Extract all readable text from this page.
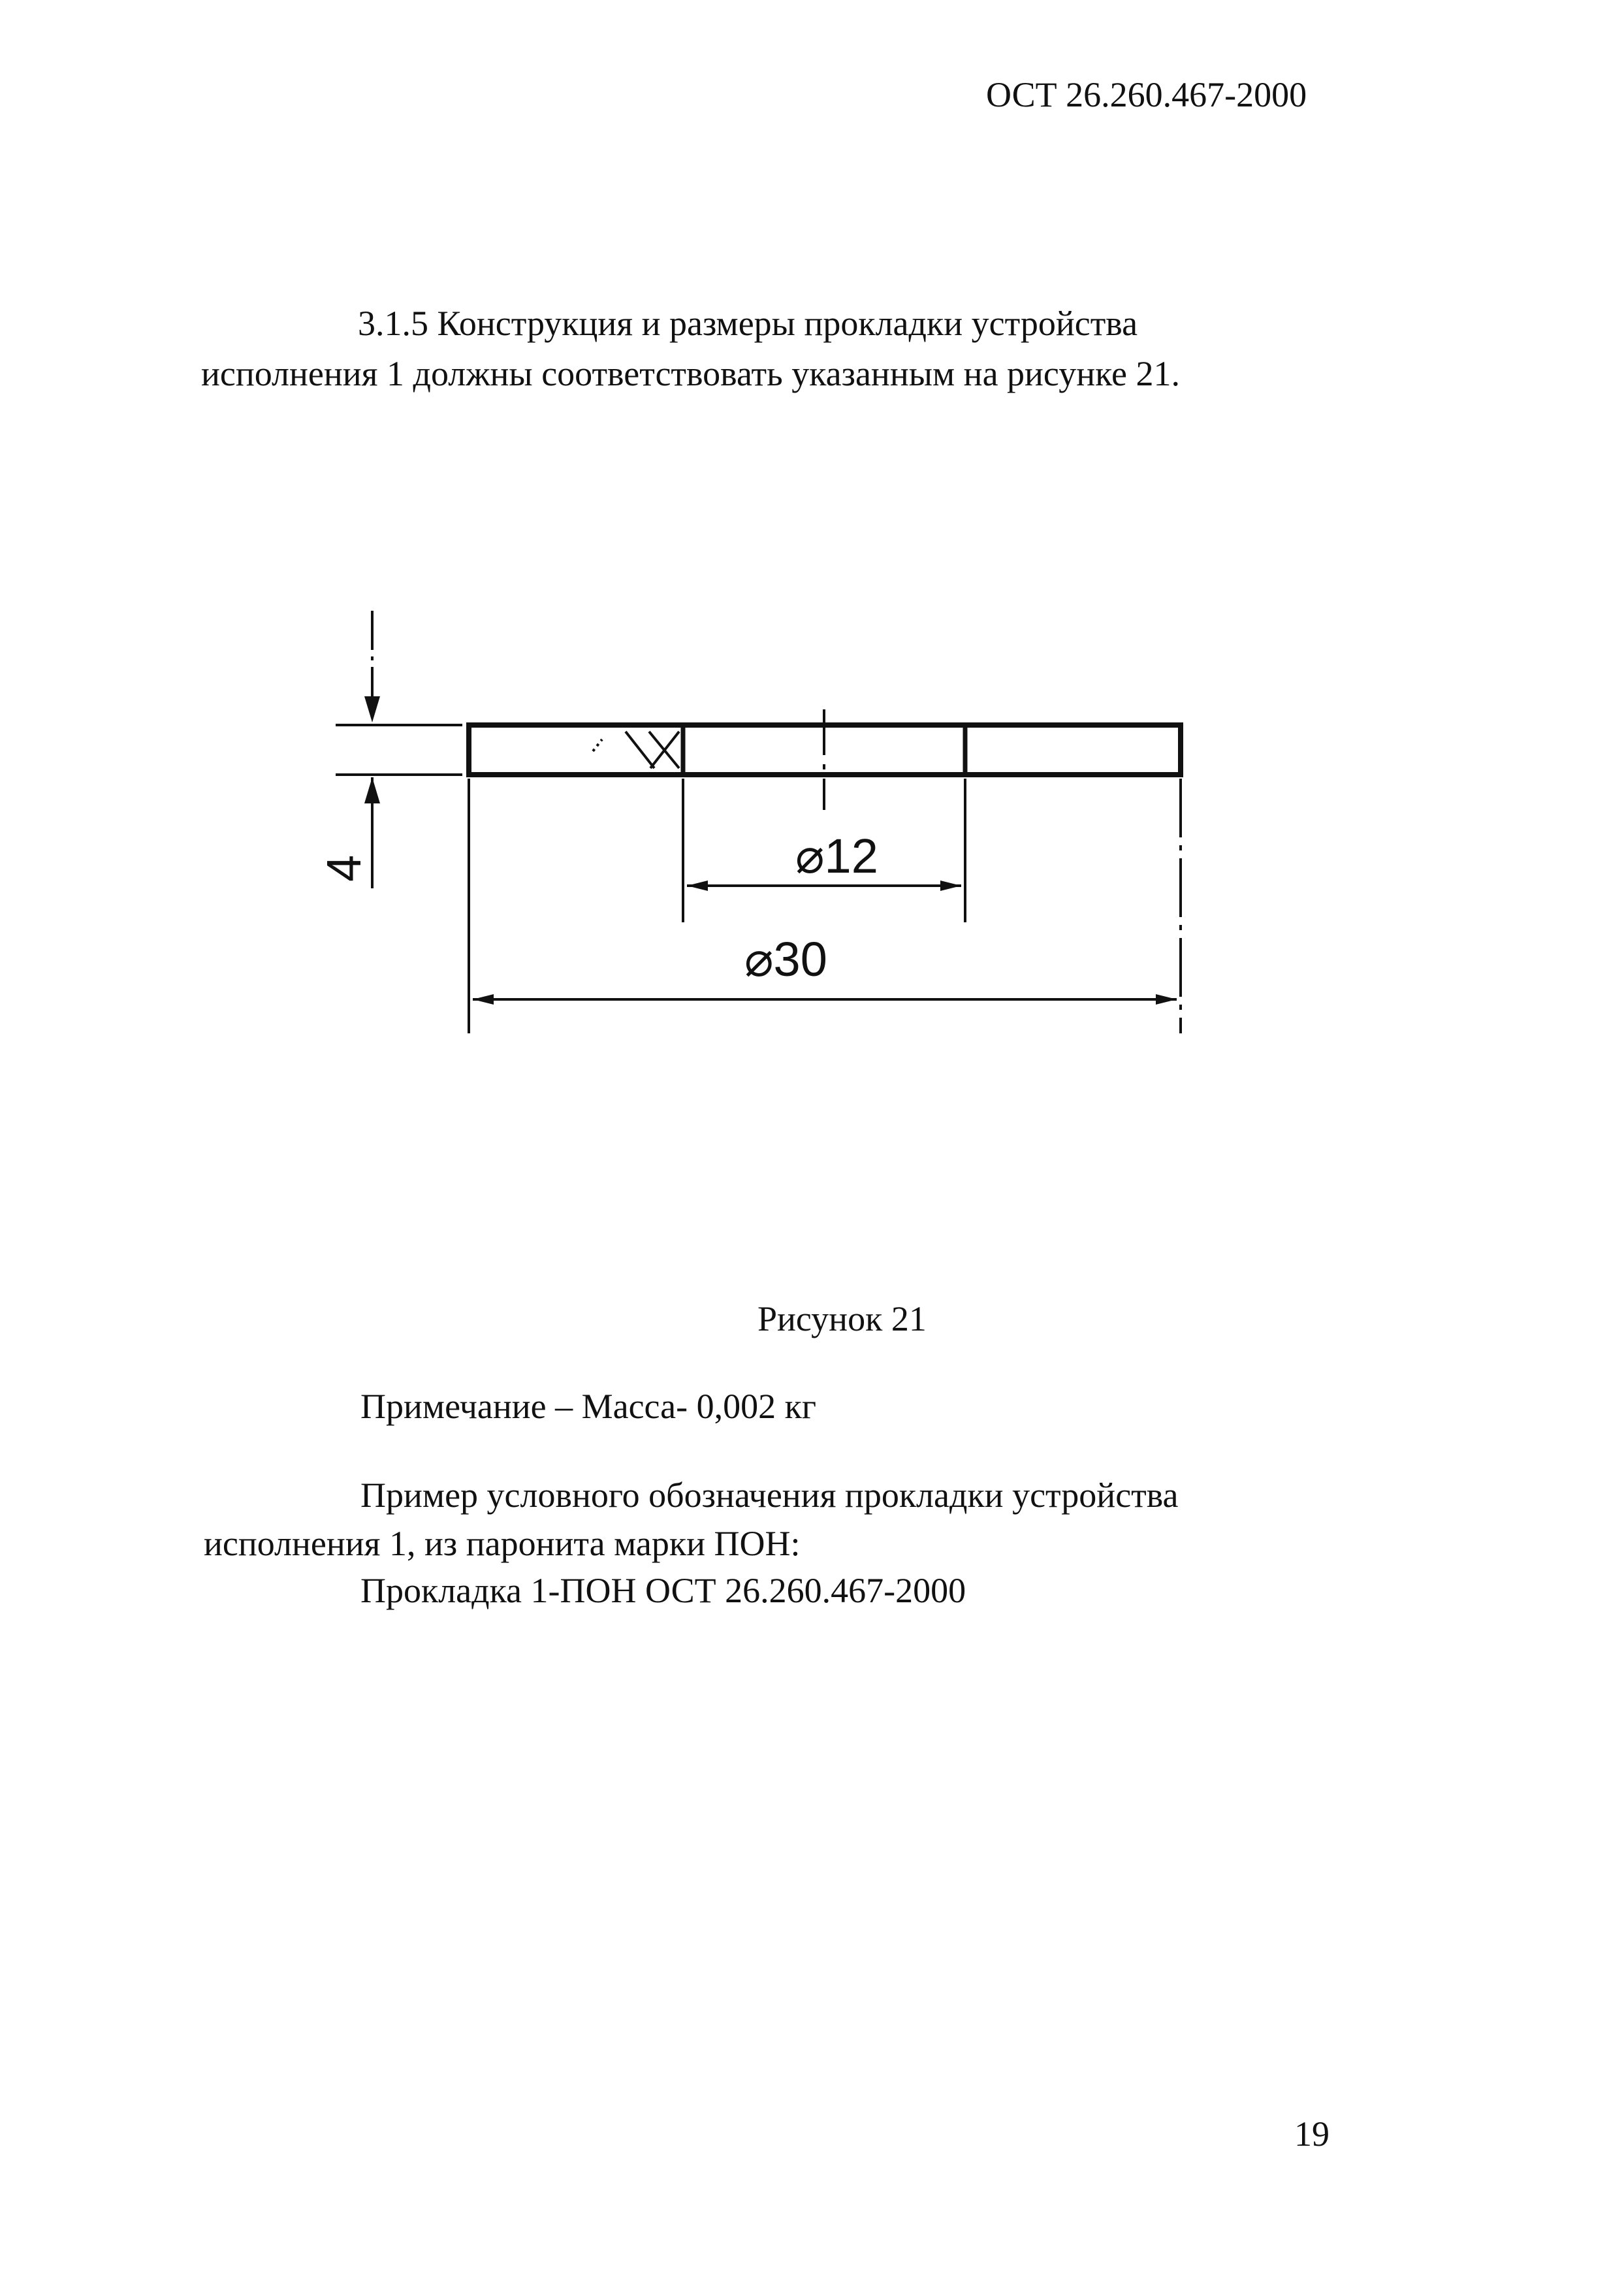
ОСТ 26.260.467-2000
3.1.5 Конструкция и размеры прокладки устройства
исполнения 1 должны соответствовать указанным на рисунке 21.
4	⌀12
⌀30
Рисунок 21
Примечание – Масса- 0,002 кг
Пример условного обозначения прокладки устройства
исполнения 1, из паронита марки ПОН:
Прокладка 1-ПОН ОСТ 26.260.467-2000
19
